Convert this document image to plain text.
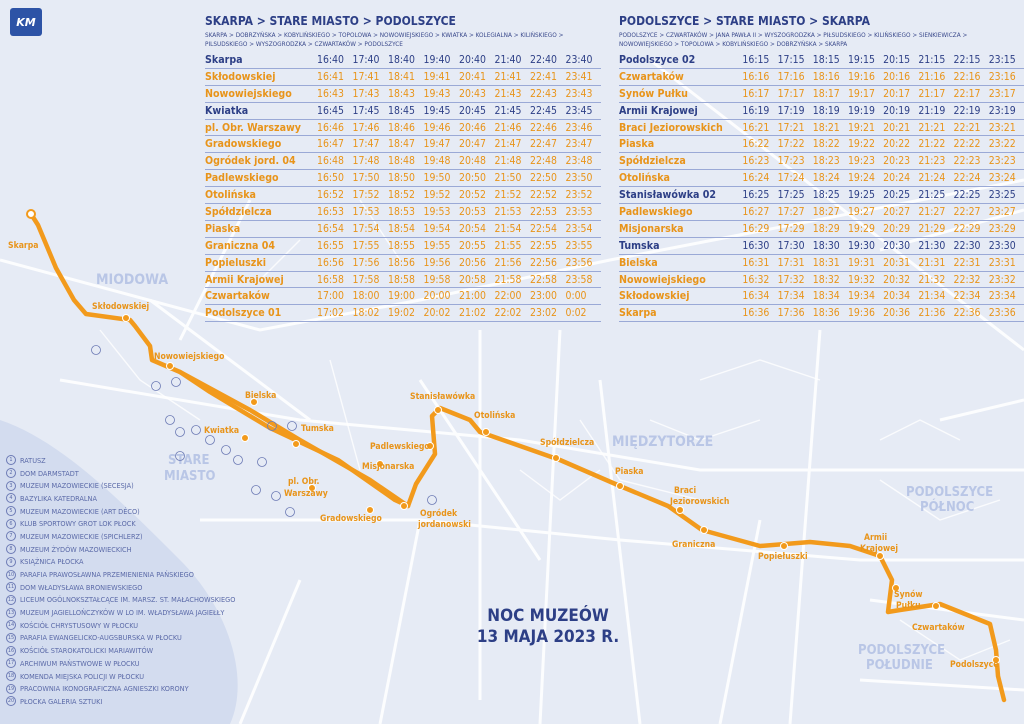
MIODOWA
STARE
MIASTO
MIĘDZYTORZE
PODOLSZYCE
PÓŁNOC
PODOLSZYCE
POŁUDNIE
Skarpa
Skłodowskiej
Nowowiejskiego
Bielska
Kwiatka	Tumska
pl. Obr.
Warszawy
Gradowskiego
Misjonarska
Padlewskiego
Ogródek
jordanowski
Stanisławówka
Otolińska
Spółdzielcza
Piaska
Braci
Jeziorowskich
Graniczna
Popiełuszki
Armii
Krajowej
Synów
Pułku
Czwartaków
Podolszyce
KM	SKARPA > STARE MIASTO > PODOLSZYCE
SKARPA > DOBRZYŃSKA > KOBYLIŃSKIEGO > TOPOLOWA > NOWOWIEJSKIEGO > KWIATKA > KOLEGIALNA > KILIŃSKIEGO > PILSUDSKIEGO > WYSZOGRODZKA > CZWARTAKÓW > PODOLSZYCE
Skarpa	16:40	17:40	18:40	19:40	20:40	21:40	22:40	23:40
Skłodowskiej	16:41	17:41	18:41	19:41	20:41	21:41	22:41	23:41
Nowowiejskiego	16:43	17:43	18:43	19:43	20:43	21:43	22:43	23:43
Kwiatka	16:45	17:45	18:45	19:45	20:45	21:45	22:45	23:45
pl. Obr. Warszawy	16:46	17:46	18:46	19:46	20:46	21:46	22:46	23:46
Gradowskiego	16:47	17:47	18:47	19:47	20:47	21:47	22:47	23:47
Ogródek jord. 04	16:48	17:48	18:48	19:48	20:48	21:48	22:48	23:48
Padlewskiego	16:50	17:50	18:50	19:50	20:50	21:50	22:50	23:50
Otolińska	16:52	17:52	18:52	19:52	20:52	21:52	22:52	23:52
Spółdzielcza	16:53	17:53	18:53	19:53	20:53	21:53	22:53	23:53
Piaska	16:54	17:54	18:54	19:54	20:54	21:54	22:54	23:54
Graniczna 04	16:55	17:55	18:55	19:55	20:55	21:55	22:55	23:55
Popieluszki	16:56	17:56	18:56	19:56	20:56	21:56	22:56	23:56
Armii Krajowej	16:58	17:58	18:58	19:58	20:58	21:58	22:58	23:58
Czwartaków	17:00	18:00	19:00	20:00	21:00	22:00	23:00	0:00
Podolszyce 01	17:02	18:02	19:02	20:02	21:02	22:02	23:02	0:02
PODOLSZYCE > STARE MIASTO > SKARPA
PODOLSZYCE > CZWARTAKÓW > JANA PAWŁA II > WYSZOGRODZKA > PIŁSUDSKIEGO > KILIŃSKIEGO > SIENKIEWICZA > NOWOWIEJSKIEGO > TOPOLOWA > KOBYLIŃSKIEGO > DOBRZYŃSKA > SKARPA
Podolszyce 02	16:15	17:15	18:15	19:15	20:15	21:15	22:15	23:15
Czwartaków	16:16	17:16	18:16	19:16	20:16	21:16	22:16	23:16
Synów Pułku	16:17	17:17	18:17	19:17	20:17	21:17	22:17	23:17
Armii Krajowej	16:19	17:19	18:19	19:19	20:19	21:19	22:19	23:19
Braci Jeziorowskich	16:21	17:21	18:21	19:21	20:21	21:21	22:21	23:21
Piaska	16:22	17:22	18:22	19:22	20:22	21:22	22:22	23:22
Spółdzielcza	16:23	17:23	18:23	19:23	20:23	21:23	22:23	23:23
Otolińska	16:24	17:24	18:24	19:24	20:24	21:24	22:24	23:24
Stanisławówka 02	16:25	17:25	18:25	19:25	20:25	21:25	22:25	23:25
Padlewskiego	16:27	17:27	18:27	19:27	20:27	21:27	22:27	23:27
Misjonarska	16:29	17:29	18:29	19:29	20:29	21:29	22:29	23:29
Tumska	16:30	17:30	18:30	19:30	20:30	21:30	22:30	23:30
Bielska	16:31	17:31	18:31	19:31	20:31	21:31	22:31	23:31
Nowowiejskiego	16:32	17:32	18:32	19:32	20:32	21:32	22:32	23:32
Skłodowskiej	16:34	17:34	18:34	19:34	20:34	21:34	22:34	23:34
Skarpa	16:36	17:36	18:36	19:36	20:36	21:36	22:36	23:36
1	RATUSZ
2	DOM DARMSTADT
3	MUZEUM MAZOWIECKIE (SECESJA)
4	BAZYLIKA KATEDRALNA
5	MUZEUM MAZOWIECKIE (ART DÉCO)
6	KLUB SPORTOWY GROT LOK PŁOCK
7	MUZEUM MAZOWIECKIE (SPICHLERZ)
8	MUZEUM ŻYDÓW MAZOWIECKICH
9	KSIĄŻNICA PŁOCKA
10 PARAFIA PRAWOSŁAWNA PRZEMIENIENIA PAŃSKIEGO
11 DOM WŁADYSŁAWA BRONIEWSKIEGO
12 LICEUM OGÓLNOKSZTAŁCĄCE IM. MARSZ. ST. MAŁACHOWSKIEGO
13 MUZEUM JAGIELLOŃCZYKÓW W LO IM. WŁADYSŁAWA JAGIEŁŁY
14 KOŚCIÓŁ CHRYSTUSOWY W PŁOCKU
15 PARAFIA EWANGELICKO-AUGSBURSKA W PŁOCKU
16 KOŚCIÓŁ STAROKATOLICKI MARIAWITÓW
17 ARCHIWUM PAŃSTWOWE W PŁOCKU
18 KOMENDA MIEJSKA POLICJI W PŁOCKU
19 PRACOWNIA IKONOGRAFICZNA AGNIESZKI KORONY
20 PŁOCKA GALERIA SZTUKI
NOC MUZEÓW
13 MAJA 2023 R.
